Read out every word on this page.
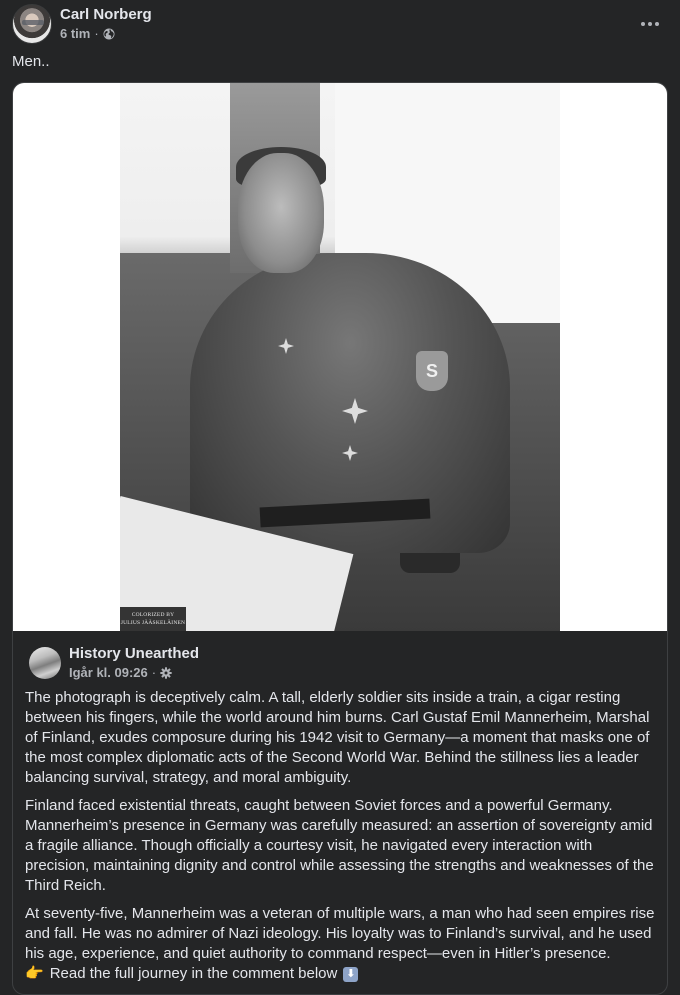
Carl Norberg
6 tim ·
Men..
S
COLORIZED BY
JULIUS JÄÄSKELÄINEN
History Unearthed
Igår kl. 09:26 ·

The photograph is deceptively calm. A tall, elderly soldier sits inside a train, a cigar resting between his fingers, while the world around him burns. Carl Gustaf Emil Mannerheim, Marshal of Finland, exudes composure during his 1942 visit to Germany—a moment that masks one of the most complex diplomatic acts of the Second World War. Behind the stillness lies a leader balancing survival, strategy, and moral ambiguity.

Finland faced existential threats, caught between Soviet forces and a powerful Germany. Mannerheim’s presence in Germany was carefully measured: an assertion of sovereignty amid a fragile alliance. Though officially a courtesy visit, he navigated every interaction with precision, maintaining dignity and control while assessing the strengths and weaknesses of the Third Reich.

At seventy-five, Mannerheim was a veteran of multiple wars, a man who had seen empires rise and fall. He was no admirer of Nazi ideology. His loyalty was to Finland’s survival, and he used his age, experience, and quiet authority to command respect—even in Hitler’s presence.

👉 Read the full journey in the comment below ⬇
